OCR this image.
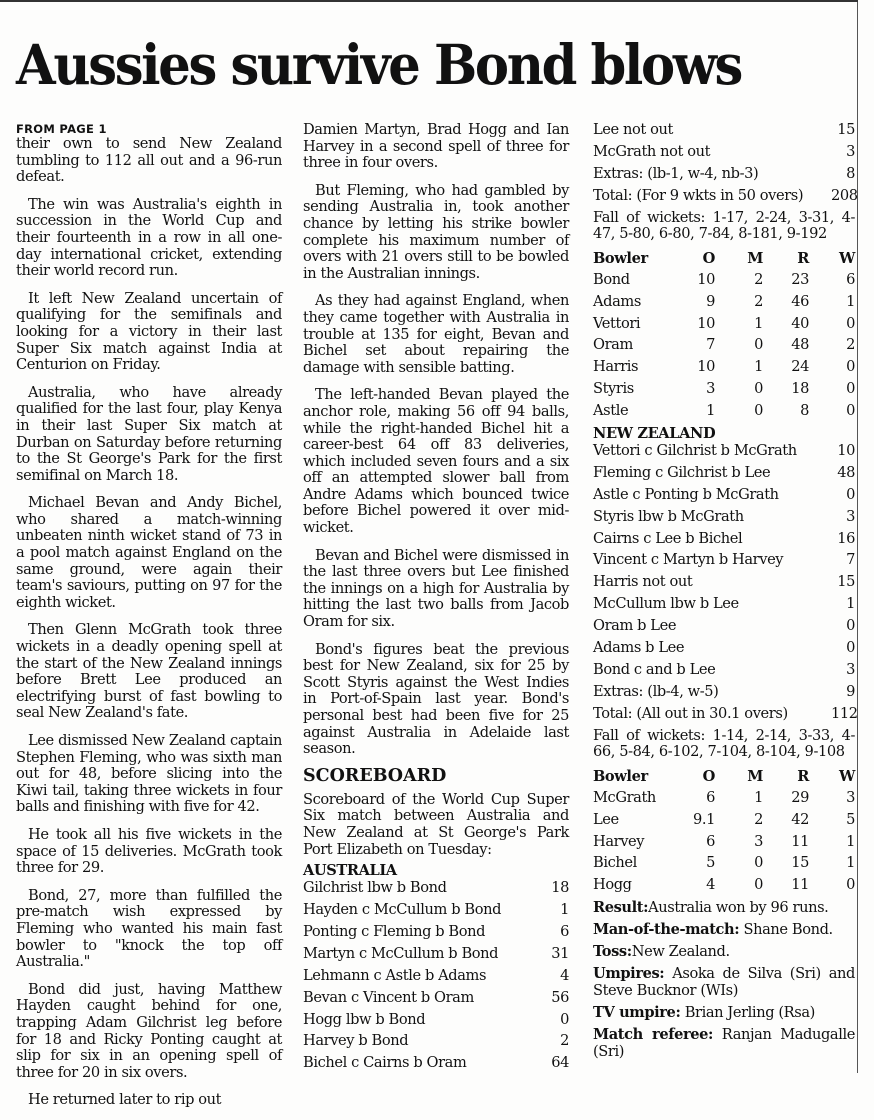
Aussies survive Bond blows
FROM PAGE 1

their own to send New Zealand tumbling to 112 all out and a 96-run defeat.

The win was Australia's eighth in succession in the World Cup and their fourteenth in a row in all one-day international cricket, extending their world record run.

It left New Zealand uncertain of qualifying for the semifinals and looking for a victory in their last Super Six match against India at Centurion on Friday.

Australia, who have already qualified for the last four, play Kenya in their last Super Six match at Durban on Saturday before returning to the St George's Park for the first semifinal on March 18.

Michael Bevan and Andy Bichel, who shared a match-winning unbeaten ninth wicket stand of 73 in a pool match against England on the same ground, were again their team's saviours, putting on 97 for the eighth wicket.

Then Glenn McGrath took three wickets in a deadly opening spell at the start of the New Zealand innings before Brett Lee produced an electrifying burst of fast bowling to seal New Zealand's fate.

Lee dismissed New Zealand captain Stephen Fleming, who was sixth man out for 48, before slicing into the Kiwi tail, taking three wickets in four balls and finishing with five for 42.

He took all his five wickets in the space of 15 deliveries. McGrath took three for 29.

Bond, 27, more than fulfilled the pre-match wish expressed by Fleming who wanted his main fast bowler to "knock the top off Australia."

Bond did just, having Matthew Hayden caught behind for one, trapping Adam Gilchrist leg before for 18 and Ricky Ponting caught at slip for six in an opening spell of three for 20 in six overs.

He returned later to rip out

Damien Martyn, Brad Hogg and Ian Harvey in a second spell of three for three in four overs.

But Fleming, who had gambled by sending Australia in, took another chance by letting his strike bowler complete his maximum number of overs with 21 overs still to be bowled in the Australian innings.

As they had against England, when they came together with Australia in trouble at 135 for eight, Bevan and Bichel set about repairing the damage with sensible batting.

The left-handed Bevan played the anchor role, making 56 off 94 balls, while the right-handed Bichel hit a career-best 64 off 83 deliveries, which included seven fours and a six off an attempted slower ball from Andre Adams which bounced twice before Bichel powered it over mid-wicket.

Bevan and Bichel were dismissed in the last three overs but Lee finished the innings on a high for Australia by hitting the last two balls from Jacob Oram for six.

Bond's figures beat the previous best for New Zealand, six for 25 by Scott Styris against the West Indies in Port-of-Spain last year. Bond's personal best had been five for 25 against Australia in Adelaide last season.

SCOREBOARD
Scoreboard of the World Cup Super Six match between Australia and New Zealand at St George's Park Port Elizabeth on Tuesday:
AUSTRALIA
Gilchrist lbw b Bond	18
Hayden c McCullum b Bond	1
Ponting c Fleming b Bond	6
Martyn c McCullum b Bond	31
Lehmann c Astle b Adams	4
Bevan c Vincent b Oram	56
Hogg lbw b Bond	0
Harvey b Bond	2
Bichel c Cairns b Oram	64
Lee not out	15
McGrath not out	3
Extras: (lb-1, w-4, nb-3)	8
Total: (For 9 wkts in 50 overs) 208
Fall of wickets: 1-17, 2-24, 3-31, 4-47, 5-80, 6-80, 7-84, 8-181, 9-192
Bowler	O	M	R	W
Bond	10	2	23	6
Adams	9	2	46	1
Vettori	10	1	40	0
Oram	7	0	48	2
Harris	10	1	24	0
Styris	3	0	18	0
Astle	1	0	8	0
NEW ZEALAND
Vettori c Gilchrist b McGrath	10
Fleming c Gilchrist b Lee	48
Astle c Ponting b McGrath	0
Styris lbw b McGrath	3
Cairns c Lee b Bichel	16
Vincent c Martyn b Harvey	7
Harris not out	15
McCullum lbw b Lee	1
Oram b Lee	0
Adams b Lee	0
Bond c and b Lee	3
Extras: (lb-4, w-5)	9
Total: (All out in 30.1 overs)	112
Fall of wickets: 1-14, 2-14, 3-33, 4-66, 5-84, 6-102, 7-104, 8-104, 9-108
Bowler	O	M	R	W
McGrath	6	1	29	3
Lee	9.1	2	42	5
Harvey	6	3	11	1
Bichel	5	0	15	1
Hogg	4	0	11	0
Result:Australia won by 96 runs.
Man-of-the-match: Shane Bond.
Toss:New Zealand.
Umpires: Asoka de Silva (Sri) and Steve Bucknor (WIs)
TV umpire: Brian Jerling (Rsa)
Match referee: Ranjan Madugalle (Sri)
